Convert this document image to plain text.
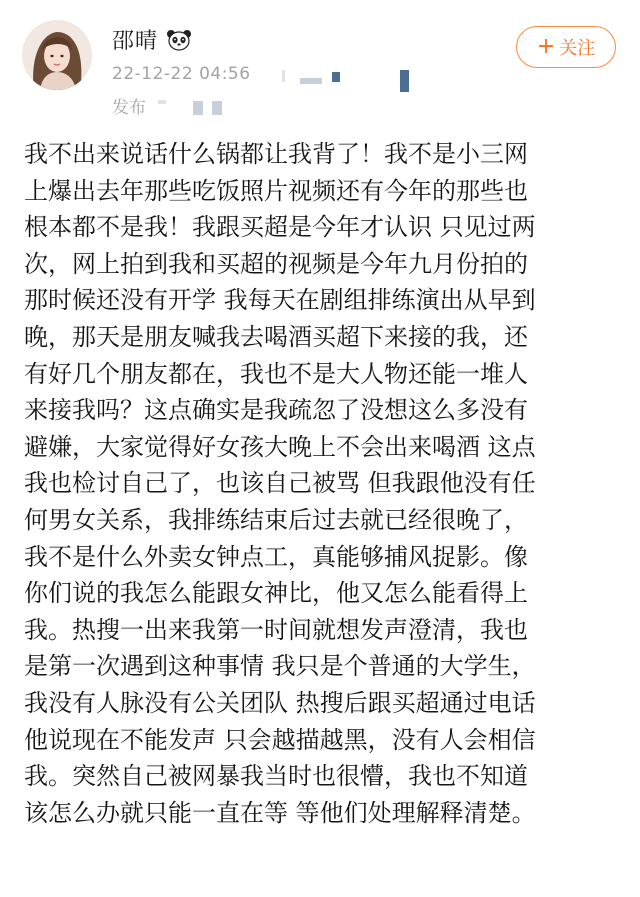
邵晴
22-12-22 04:56
发布
+ 关注
我不出来说话什么锅都让我背了！我不是小三网
上爆出去年那些吃饭照片视频还有今年的那些也
根本都不是我！我跟买超是今年才认识 只见过两
次，网上拍到我和买超的视频是今年九月份拍的
那时候还没有开学 我每天在剧组排练演出从早到
晚，那天是朋友喊我去喝酒买超下来接的我，还
有好几个朋友都在，我也不是大人物还能一堆人
来接我吗？这点确实是我疏忽了没想这么多没有
避嫌，大家觉得好女孩大晚上不会出来喝酒 这点
我也检讨自己了，也该自己被骂 但我跟他没有任
何男女关系，我排练结束后过去就已经很晚了，
我不是什么外卖女钟点工，真能够捕风捉影。像
你们说的我怎么能跟女神比，他又怎么能看得上
我。热搜一出来我第一时间就想发声澄清，我也
是第一次遇到这种事情 我只是个普通的大学生，
我没有人脉没有公关团队 热搜后跟买超通过电话
他说现在不能发声 只会越描越黑，没有人会相信
我。突然自己被网暴我当时也很懵，我也不知道
该怎么办就只能一直在等 等他们处理解释清楚。
